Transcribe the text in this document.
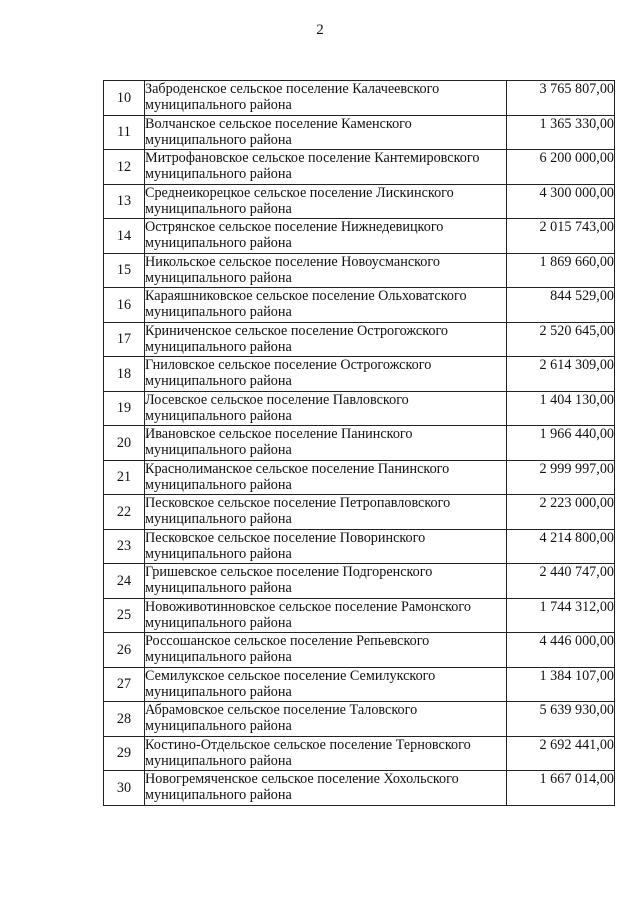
2
10	Забродeнское сельское поселение Калачеевского муниципального района	3 765 807,00
11	Волчанское сельское поселение Каменского муниципального района	1 365 330,00
12	Митрофановское сельское поселение Кантемировского муниципального района	6 200 000,00
13	Среднеикорецкое сельское поселение Лискинского муниципального района	4 300 000,00
14	Острянское сельское поселение Нижнедевицкого муниципального района	2 015 743,00
15	Никольское сельское поселение Новоусманского муниципального района	1 869 660,00
16	Караяшниковское сельское поселение Ольховатского муниципального района	844 529,00
17	Криниченское сельское поселение Острогожского муниципального района	2 520 645,00
18	Гниловское сельское поселение Острогожского муниципального района	2 614 309,00
19	Лосевское сельское поселение Павловского муниципального района	1 404 130,00
20	Ивановское сельское поселение Панинского муниципального района	1 966 440,00
21	Краснолиманское сельское поселение Панинского муниципального района	2 999 997,00
22	Песковское сельское поселение Петропавловского муниципального района	2 223 000,00
23	Песковское сельское поселение Поворинского муниципального района	4 214 800,00
24	Гришевское сельское поселение Подгоренского муниципального района	2 440 747,00
25	Новоживотинновское сельское поселение Рамонского муниципального района	1 744 312,00
26	Россошанское сельское поселение Репьевского муниципального района	4 446 000,00
27	Семилукское сельское поселение Семилукского муниципального района	1 384 107,00
28	Абрамовское сельское поселение Таловского муниципального района	5 639 930,00
29	Костино-Отдельское сельское поселение Терновского муниципального района	2 692 441,00
30	Новогремяченское сельское поселение Хохольского муниципального района	1 667 014,00
